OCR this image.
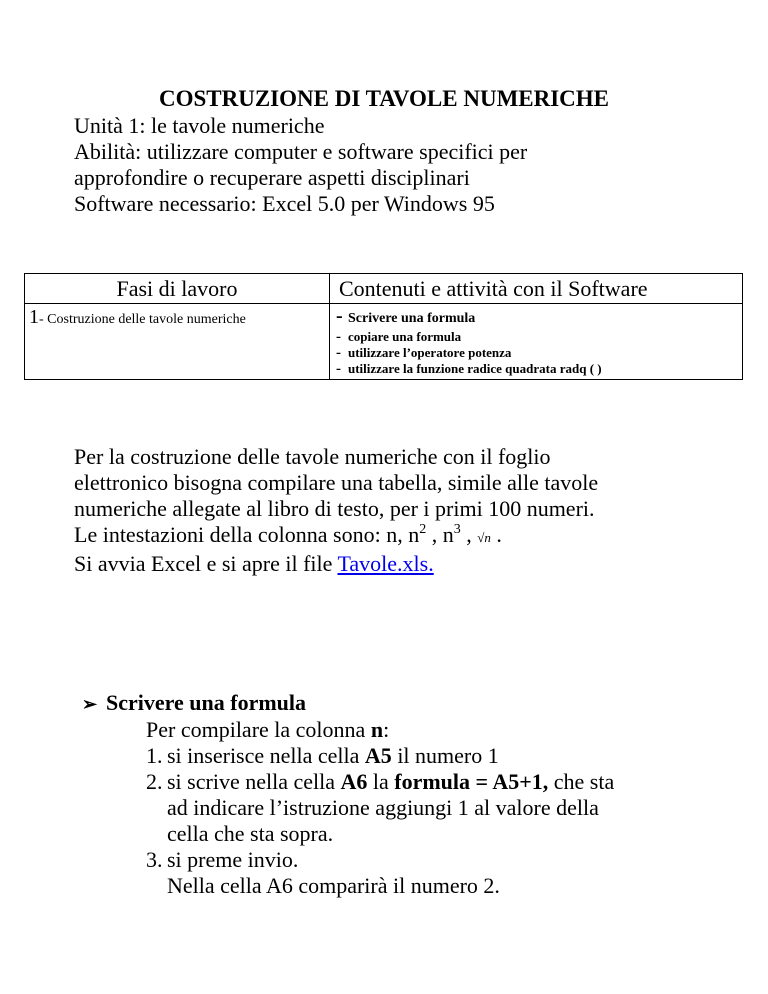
COSTRUZIONE DI TAVOLE NUMERICHE
Unità 1: le tavole numeriche
Abilità: utilizzare computer e software specifici per
approfondire o recuperare aspetti disciplinari
Software necessario: Excel 5.0 per Windows 95
Fasi di lavoro	Contenuti e attività con il Software
1- Costruzione delle tavole numeriche	- Scrivere una formula
- copiare una formula
- utilizzare l’operatore potenza
- utilizzare la funzione radice quadrata radq ( )
Per la costruzione delle tavole numeriche con il foglio
elettronico bisogna compilare una tabella, simile alle tavole
numeriche allegate al libro di testo, per i primi 100 numeri.
Le intestazioni della colonna sono: n, $n^2$ , $n^3$ , √n .
Si avvia Excel e si apre il file Tavole.xls.
➢ Scrivere una formula
Per compilare la colonna n:
1. si inserisce nella cella A5 il numero 1
2. si scrive nella cella A6 la formula = A5+1, che sta
ad indicare l’istruzione aggiungi 1 al valore della
cella che sta sopra.
3. si preme invio.
Nella cella A6 comparirà il numero 2.
